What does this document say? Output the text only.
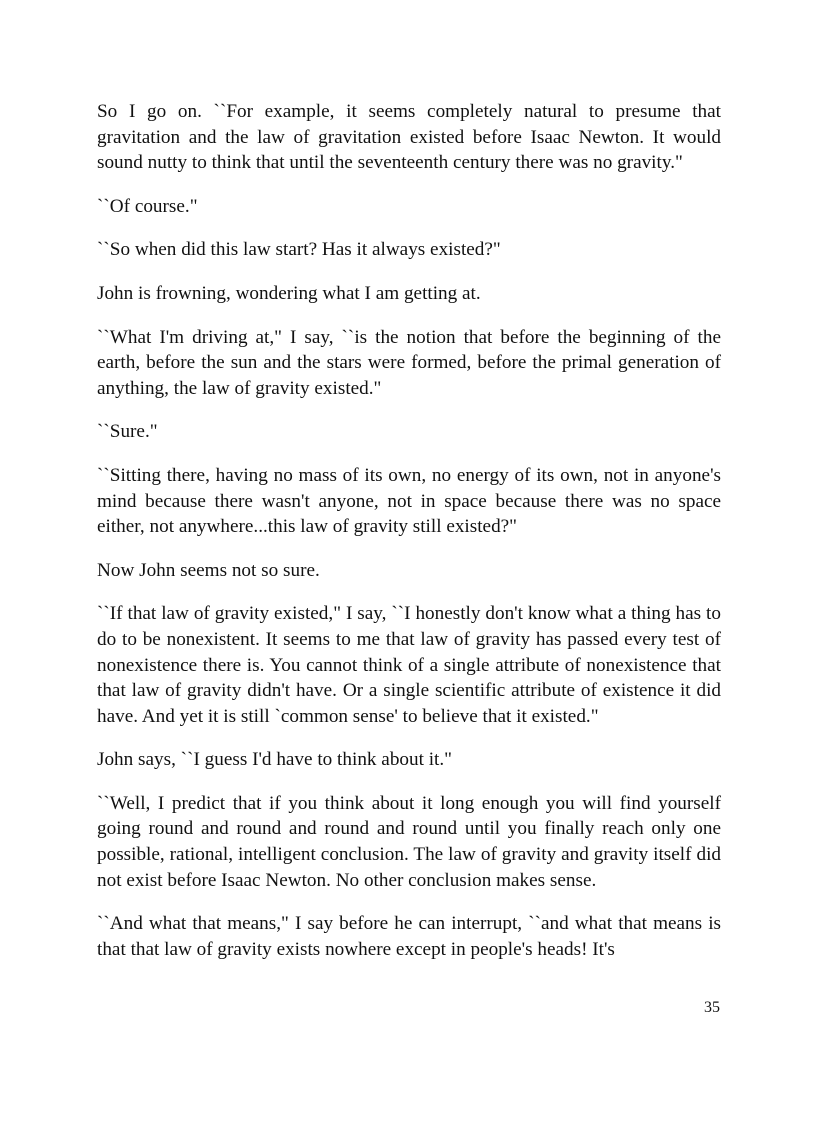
So I go on. ``For example, it seems completely natural to presume that gravitation and the law of gravitation existed before Isaac Newton. It would sound nutty to think that until the seventeenth century there was no gravity."

``Of course."

``So when did this law start? Has it always existed?"

John is frowning, wondering what I am getting at.

``What I'm driving at," I say, ``is the notion that before the beginning of the earth, before the sun and the stars were formed, before the primal generation of anything, the law of gravity existed."

``Sure."

``Sitting there, having no mass of its own, no energy of its own, not in anyone's mind because there wasn't anyone, not in space because there was no space either, not anywhere...this law of gravity still existed?"

Now John seems not so sure.

``If that law of gravity existed," I say, ``I honestly don't know what a thing has to do to be nonexistent. It seems to me that law of gravity has passed every test of nonexistence there is. You cannot think of a single attribute of nonexistence that that law of gravity didn't have. Or a single scientific attribute of existence it did have. And yet it is still `common sense' to believe that it existed."

John says, ``I guess I'd have to think about it."

``Well, I predict that if you think about it long enough you will find yourself going round and round and round and round until you finally reach only one possible, rational, intelligent conclusion. The law of gravity and gravity itself did not exist before Isaac Newton. No other conclusion makes sense.

``And what that means," I say before he can interrupt, ``and what that means is that that law of gravity exists nowhere except in people's heads! It's

35
